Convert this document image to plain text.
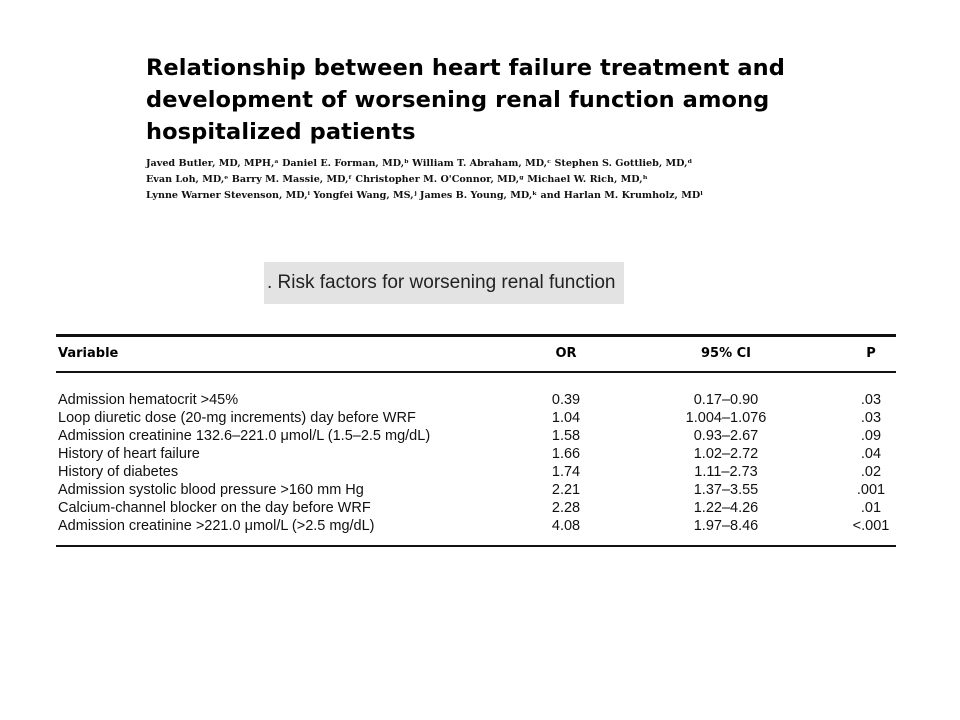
Relationship between heart failure treatment and
development of worsening renal function among
hospitalized patients
Javed Butler, MD, MPH,ᵃ Daniel E. Forman, MD,ᵇ William T. Abraham, MD,ᶜ Stephen S. Gottlieb, MD,ᵈ
Evan Loh, MD,ᵉ Barry M. Massie, MD,ᶠ Christopher M. O'Connor, MD,ᵍ Michael W. Rich, MD,ʰ
Lynne Warner Stevenson, MD,ⁱ Yongfei Wang, MS,ʲ James B. Young, MD,ᵏ and Harlan M. Krumholz, MDˡ
. Risk factors for worsening renal function
Variable	OR	95% CI	P
Admission hematocrit >45%	0.39	0.17–0.90	.03
Loop diuretic dose (20-mg increments) day before WRF	1.04	1.004–1.076	.03
Admission creatinine 132.6–221.0 μmol/L (1.5–2.5 mg/dL)	1.58	0.93–2.67	.09
History of heart failure	1.66	1.02–2.72	.04
History of diabetes	1.74	1.11–2.73	.02
Admission systolic blood pressure >160 mm Hg	2.21	1.37–3.55	.001
Calcium-channel blocker on the day before WRF	2.28	1.22–4.26	.01
Admission creatinine >221.0 μmol/L (>2.5 mg/dL)	4.08	1.97–8.46	<.001
